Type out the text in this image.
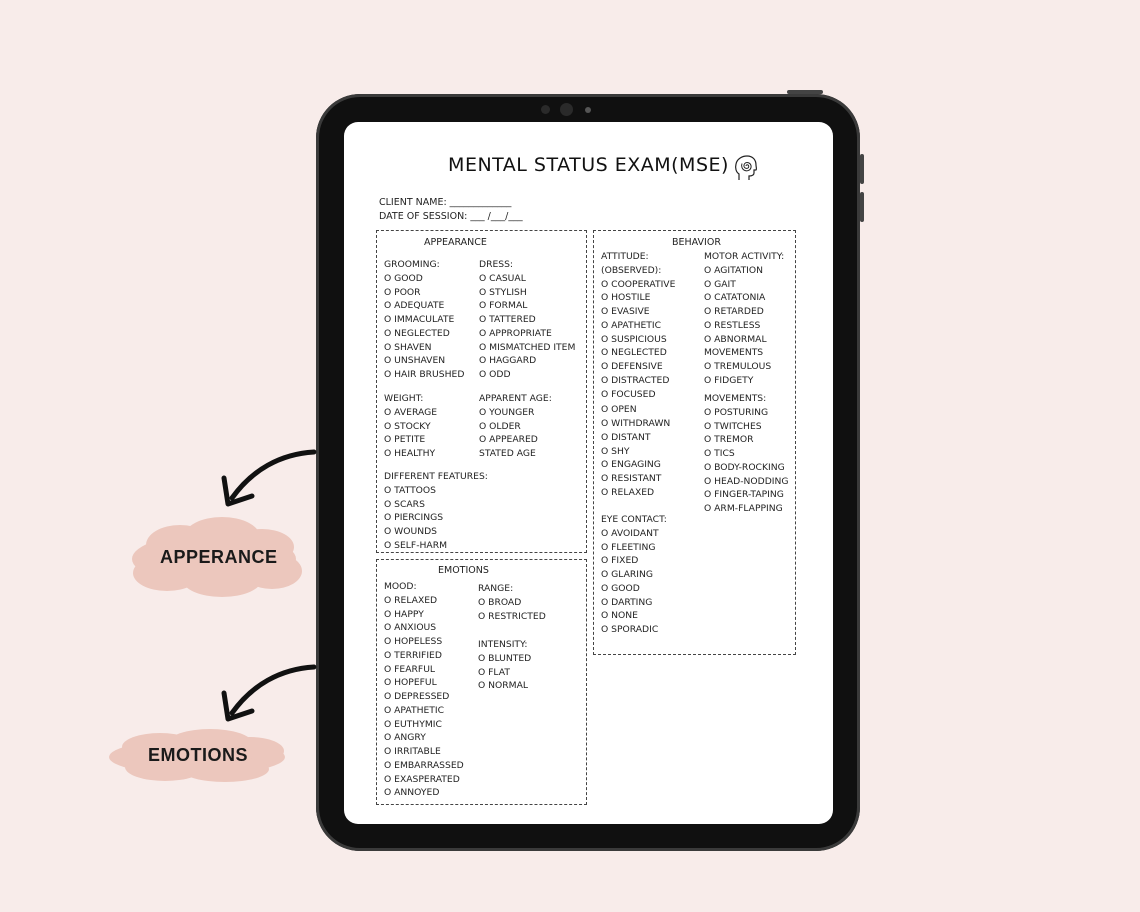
MENTAL STATUS EXAM(MSE)
CLIENT NAME: _____________
DATE OF SESSION: ___ /___/___
APPEARANCE
GROOMING:
O GOOD
O POOR
O ADEQUATE
O IMMACULATE
O NEGLECTED
O SHAVEN
O UNSHAVEN
O HAIR BRUSHED
DRESS:
O CASUAL
O STYLISH
O FORMAL
O TATTERED
O APPROPRIATE
O MISMATCHED ITEM
O HAGGARD
O ODD
WEIGHT:
O AVERAGE
O STOCKY
O PETITE
O HEALTHY
APPARENT AGE:
O YOUNGER
O OLDER
O APPEARED
STATED AGE
DIFFERENT FEATURES:
O TATTOOS
O SCARS
O PIERCINGS
O WOUNDS
O SELF-HARM
EMOTIONS
MOOD:
O RELAXED
O HAPPY
O ANXIOUS
O HOPELESS
O TERRIFIED
O FEARFUL
O HOPEFUL
O DEPRESSED
O APATHETIC
O EUTHYMIC
O ANGRY
O IRRITABLE
O EMBARRASSED
O EXASPERATED
O ANNOYED
RANGE:
O BROAD
O RESTRICTED
INTENSITY:
O BLUNTED
O FLAT
O NORMAL
BEHAVIOR
ATTITUDE:
(OBSERVED):
O COOPERATIVE
O HOSTILE
O EVASIVE
O APATHETIC
O SUSPICIOUS
O NEGLECTED
O DEFENSIVE
O DISTRACTED
O FOCUSED
O OPEN
O WITHDRAWN
O DISTANT
O SHY
O ENGAGING
O RESISTANT
O RELAXED
EYE CONTACT:
O AVOIDANT
O FLEETING
O FIXED
O GLARING
O GOOD
O DARTING
O NONE
O SPORADIC
MOTOR ACTIVITY:
O AGITATION
O GAIT
O CATATONIA
O RETARDED
O RESTLESS
O ABNORMAL
MOVEMENTS
O TREMULOUS
O FIDGETY
MOVEMENTS:
O POSTURING
O TWITCHES
O TREMOR
O TICS
O BODY-ROCKING
O HEAD-NODDING
O FINGER-TAPING
O ARM-FLAPPING
APPERANCE
EMOTIONS
